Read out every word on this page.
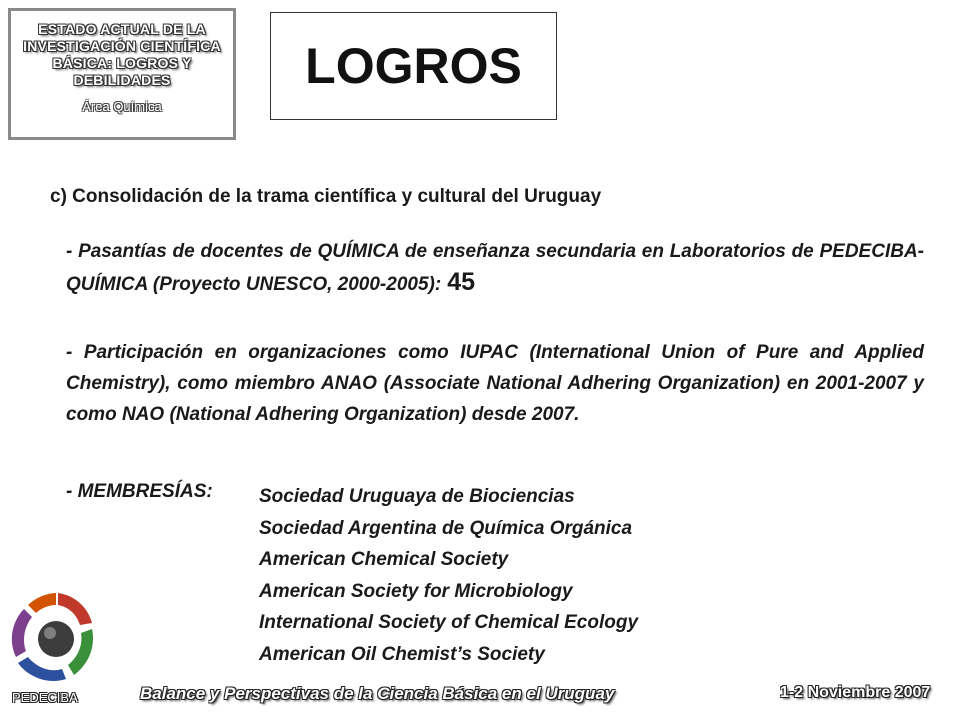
ESTADO ACTUAL DE LA INVESTIGACIÓN CIENTÍFICA BÁSICA: LOGROS Y DEBILIDADES
Área Química
LOGROS
c) Consolidación de la trama científica y cultural del Uruguay
- Pasantías de docentes de QUÍMICA de enseñanza secundaria en Laboratorios de PEDECIBA-QUÍMICA (Proyecto UNESCO, 2000-2005): 45
- Participación en organizaciones como IUPAC (International Union of Pure and Applied Chemistry), como miembro ANAO (Associate National Adhering Organization) en 2001-2007 y como NAO (National Adhering Organization) desde 2007.
- MEMBRESÍAS: Sociedad Uruguaya de Biociencias
Sociedad Argentina de Química Orgánica
American Chemical Society
American Society for Microbiology
International Society of Chemical Ecology
American Oil Chemist’s Society
PEDECIBA	Balance y Perspectivas de la Ciencia Básica en el Uruguay	1-2 Noviembre 2007
